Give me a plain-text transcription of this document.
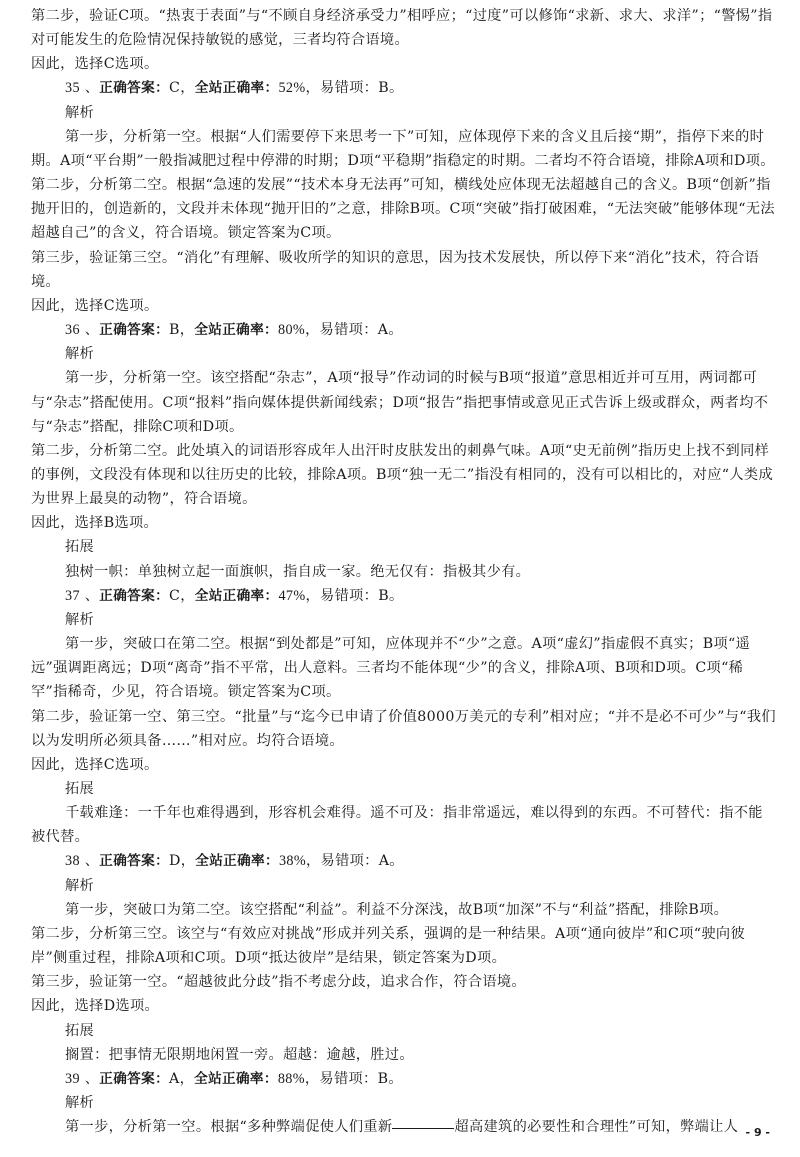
第二步，验证C项。“热衷于表面”与“不顾自身经济承受力”相呼应；“过度”可以修饰“求新、求大、求洋”；“警惕”指对可能发生的危险情况保持敏锐的感觉，三者均符合语境。

因此，选择C选项。

35 、正确答案：C，全站正确率：52%，易错项：B。

解析

第一步，分析第一空。根据“人们需要停下来思考一下”可知，应体现停下来的含义且后接“期”，指停下来的时期。A项“平台期”一般指减肥过程中停滞的时期；D项“平稳期”指稳定的时期。二者均不符合语境，排除A项和D项。

第二步，分析第二空。根据“急速的发展”“技术本身无法再”可知，横线处应体现无法超越自己的含义。B项“创新”指抛开旧的，创造新的，文段并未体现“抛开旧的”之意，排除B项。C项“突破”指打破困难，“无法突破”能够体现“无法超越自己”的含义，符合语境。锁定答案为C项。

第三步，验证第三空。“消化”有理解、吸收所学的知识的意思，因为技术发展快，所以停下来“消化”技术，符合语境。

因此，选择C选项。

36 、正确答案：B，全站正确率：80%，易错项：A。

解析

第一步，分析第一空。该空搭配“杂志”，A项“报导”作动词的时候与B项“报道”意思相近并可互用，两词都可与“杂志”搭配使用。C项“报料”指向媒体提供新闻线索；D项“报告”指把事情或意见正式告诉上级或群众，两者均不与“杂志”搭配，排除C项和D项。

第二步，分析第二空。此处填入的词语形容成年人出汗时皮肤发出的刺鼻气味。A项“史无前例”指历史上找不到同样的事例，文段没有体现和以往历史的比较，排除A项。B项“独一无二”指没有相同的，没有可以相比的，对应“人类成为世界上最臭的动物”，符合语境。

因此，选择B选项。

拓展

独树一帜：单独树立起一面旗帜，指自成一家。绝无仅有：指极其少有。

37 、正确答案：C，全站正确率：47%，易错项：B。

解析

第一步，突破口在第二空。根据“到处都是”可知，应体现并不“少”之意。A项“虚幻”指虚假不真实；B项“遥远”强调距离远；D项“离奇”指不平常，出人意料。三者均不能体现“少”的含义，排除A项、B项和D项。C项“稀罕”指稀奇，少见，符合语境。锁定答案为C项。

第二步，验证第一空、第三空。“批量”与“迄今已申请了价值8000万美元的专利”相对应；“并不是必不可少”与“我们以为发明所必须具备……”相对应。均符合语境。

因此，选择C选项。

拓展

千载难逢：一千年也难得遇到，形容机会难得。遥不可及：指非常遥远，难以得到的东西。不可替代：指不能被代替。

38 、正确答案：D，全站正确率：38%，易错项：A。

解析

第一步，突破口为第二空。该空搭配“利益”。利益不分深浅，故B项“加深”不与“利益”搭配，排除B项。

第二步，分析第三空。该空与“有效应对挑战”形成并列关系，强调的是一种结果。A项“通向彼岸”和C项“驶向彼岸”侧重过程，排除A项和C项。D项“抵达彼岸”是结果，锁定答案为D项。

第三步，验证第一空。“超越彼此分歧”指不考虑分歧，追求合作，符合语境。

因此，选择D选项。

拓展

搁置：把事情无限期地闲置一旁。超越：逾越，胜过。

39 、正确答案：A，全站正确率：88%，易错项：B。

解析

第一步，分析第一空。根据“多种弊端促使人们重新	超高建筑的必要性和合理性”可知，弊端让人 - 9 -
